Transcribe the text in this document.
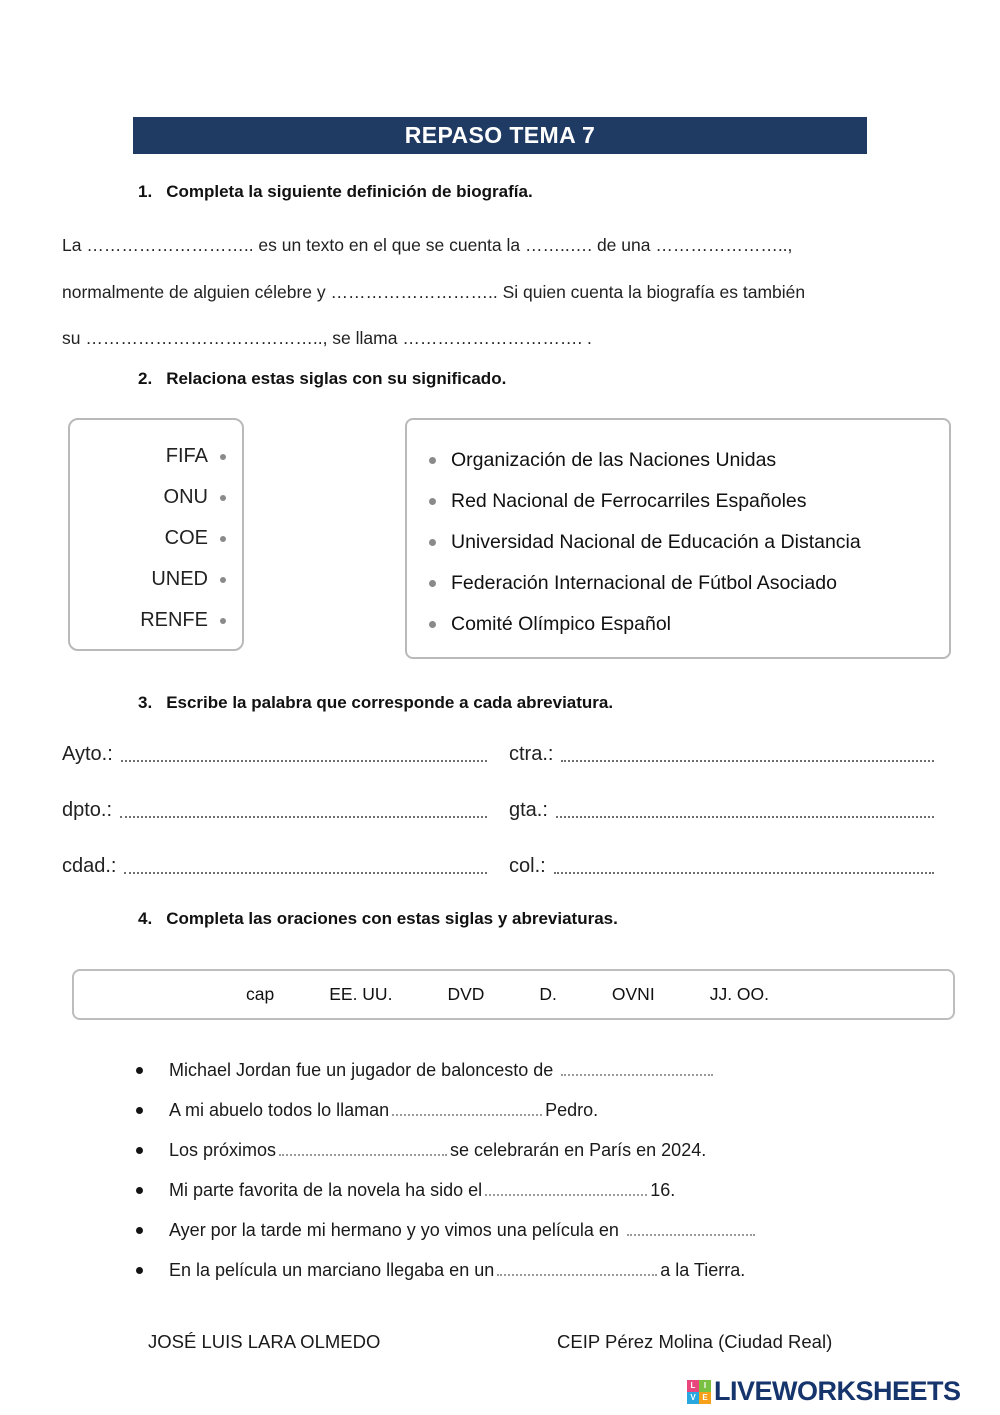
REPASO TEMA 7
1. Completa la siguiente definición de biografía.
La ……………………….. es un texto en el que se cuenta la ……..…. de una …………………..,
normalmente de alguien célebre y ……………………….. Si quien cuenta la biografía es también
su ………………………………….., se llama …………………………. .
2. Relaciona estas siglas con su significado.
FIFA
ONU
COE
UNED
RENFE
Organización de las Naciones Unidas
Red Nacional de Ferrocarriles Españoles
Universidad Nacional de Educación a Distancia
Federación Internacional de Fútbol Asociado
Comité Olímpico Español
3. Escribe la palabra que corresponde a cada abreviatura.
Ayto.:	ctra.:
dpto.:	gta.:
cdad.:	col.:
4. Completa las oraciones con estas siglas y abreviaturas.
cap	EE. UU.	DVD	D.	OVNI	JJ. OO.
Michael Jordan fue un jugador de baloncesto de
A mi abuelo todos lo llaman	Pedro.
Los próximos	se celebrarán en París en 2024.
Mi parte favorita de la novela ha sido el	16.
Ayer por la tarde mi hermano y yo vimos una película en
En la película un marciano llegaba en un	a la Tierra.
JOSÉ LUIS LARA OLMEDO	CEIP Pérez Molina (Ciudad Real)
L	I
V E LIVEWORKSHEETS
